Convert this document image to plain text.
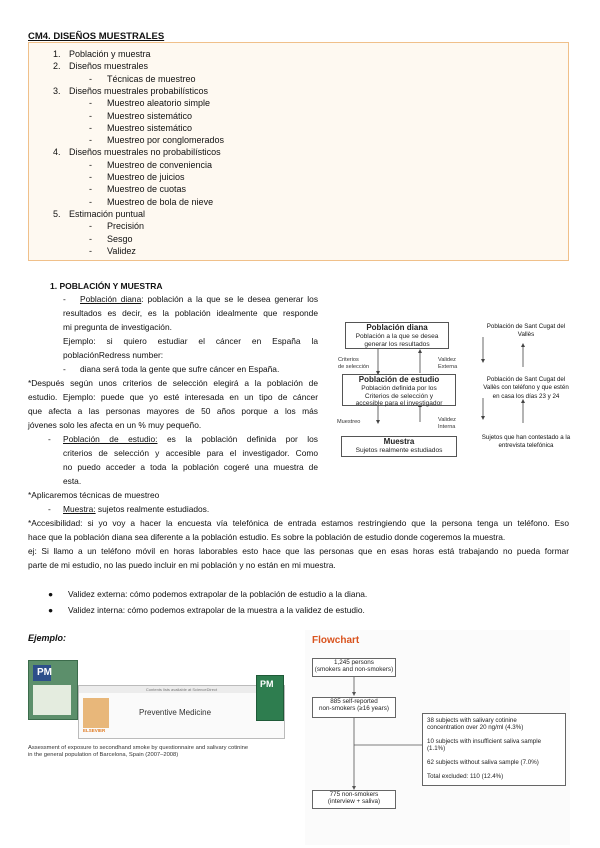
CM4. DISEÑOS MUESTRALES
1. Población y muestra
2. Diseños muestrales
- Técnicas de muestreo
3. Diseños muestrales probabilísticos
- Muestreo aleatorio simple
- Muestreo sistemático
- Muestreo sistemático
- Muestreo por conglomerados
4. Diseños muestrales no probabilísticos
- Muestreo de conveniencia
- Muestreo de juicios
- Muestreo de cuotas
- Muestreo de bola de nieve
5. Estimación puntual
- Precisión
- Sesgo
- Validez
1. POBLACIÓN Y MUESTRA
- Población diana: población a la que se le desea generar los
resultados es decir, es la población idealmente que responde
mi pregunta de investigación.
Ejemplo: si quiero estudiar el cáncer en España la
poblaciónRedress number:
- diana será toda la gente que sufre cáncer en España.
*Después según unos criterios de selección elegirá a la población de
estudio. Ejemplo: puede que yo esté interesada en un tipo de cáncer
que afecta a las personas mayores de 50 años porque a los más
jóvenes solo les afecta en un % muy pequeño.
- Población de estudio: es la población definida por los
criterios de selección y accesible para el investigador. Como
no puedo acceder a toda la población cogeré una muestra de
esta.
*Aplicaremos técnicas de muestreo
- Muestra: sujetos realmente estudiados.
*Accesibilidad: si yo voy a hacer la encuesta vía telefónica de entrada estamos restringiendo que la persona tenga un teléfono. Eso
hace que la población diana sea diferente a la población estudio. Es sobre la población de estudio donde cogeremos la muestra.
ej: Si llamo a un teléfono móvil en horas laborables esto hace que las personas que en esas horas está trabajando no pueda formar
parte de mi estudio, no las puedo incluir en mi población y no están en mi muestra.
● Validez externa: cómo podemos extrapolar de la población de estudio a la diana.
● Validez interna: cómo podemos extrapolar de la muestra a la validez de estudio.
Población diana
Población a la que se desea
generar los resultados
Criterios
de selección
Validez
Externa
Población de estudio
Población definida por los
Criterios de selección y
accesible para el investigador
Muestreo	Validez
Interna
Muestra
Sujetos realmente estudiados
Población de Sant Cugat del
Vallès
Población de Sant Cugat del
Vallès con teléfono y que estén
en casa los días 23 y 24
Sujetos que han contestado a la
entrevista telefónica
Ejemplo:
PM
Contents lists available at ScienceDirect
ELSEVIER
Preventive Medicine
PM
Assessment of exposure to secondhand smoke by questionnaire and salivary cotinine
in the general population of Barcelona, Spain (2007–2008)
Flowchart
1,245 persons
(smokers and non-smokers)
885 self-reported
non-smokers (≥16 years)
38 subjects with salivary cotinine
concentration over 20 ng/ml (4.3%)
10 subjects with insufficient saliva sample
(1.1%)
62 subjects without saliva sample (7.0%)
Total excluded: 110 (12.4%)
775 non-smokers
(interview + saliva)
